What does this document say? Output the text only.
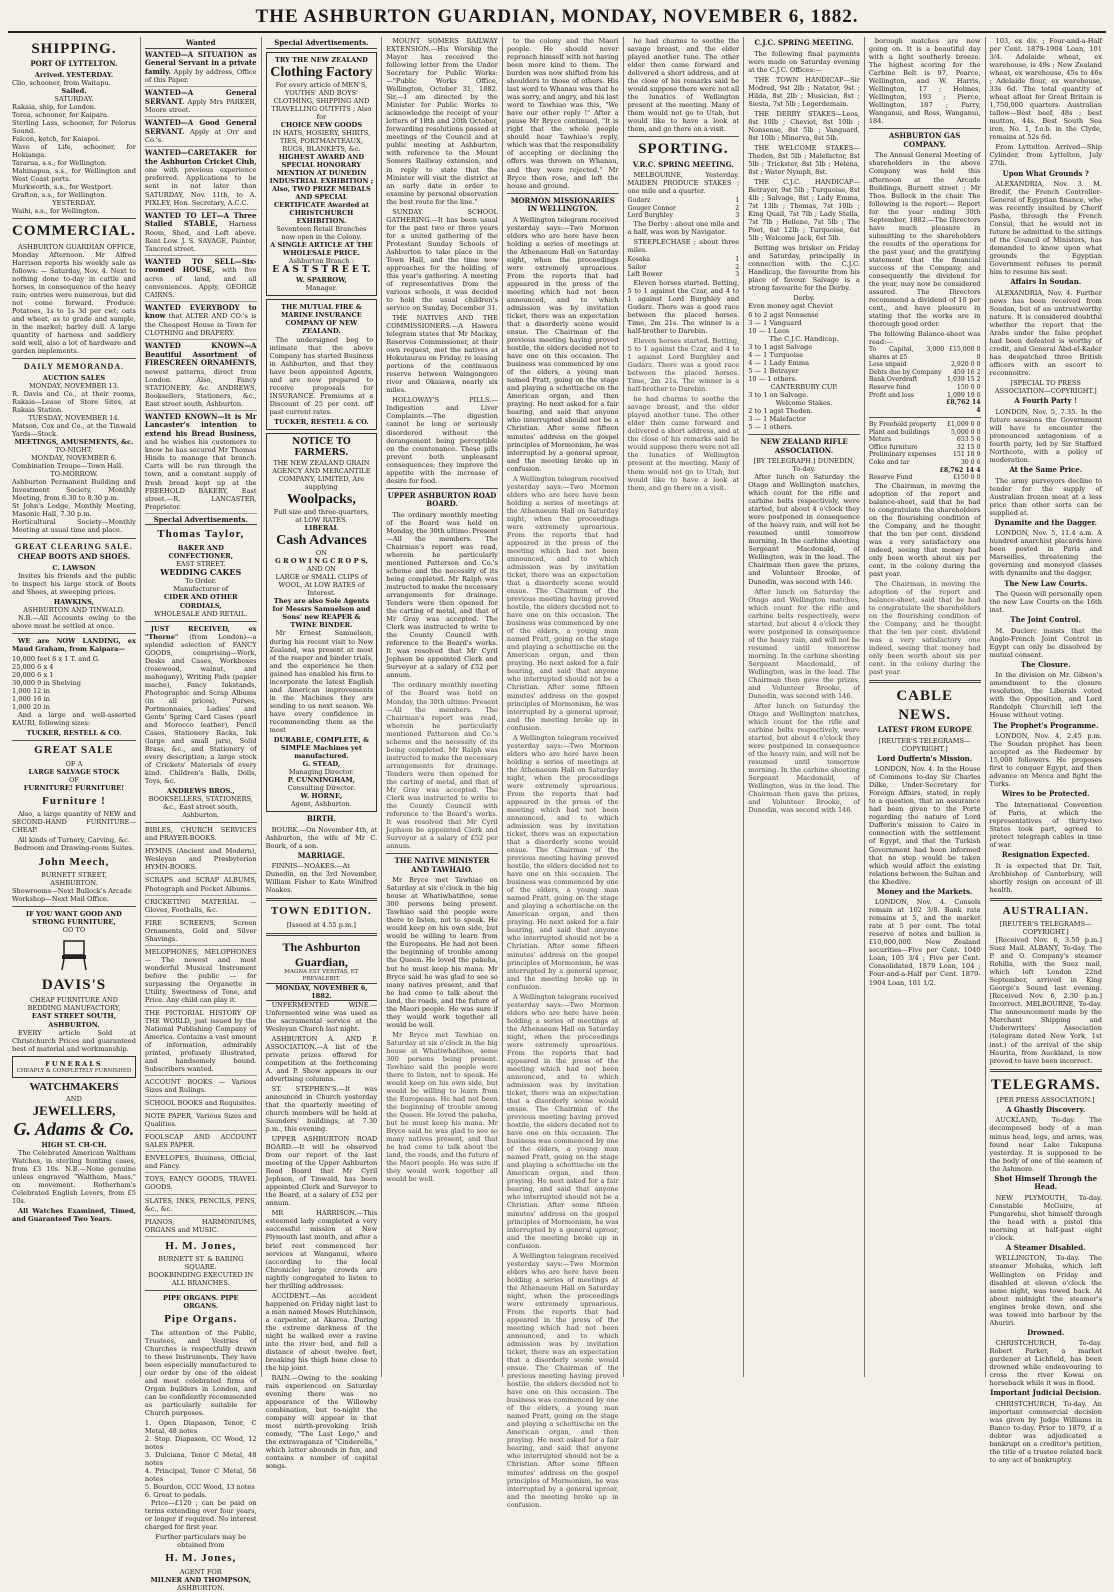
THE ASHBURTON GUARDIAN, MONDAY, NOVEMBER 6, 1882.
SHIPPING.
PORT OF LYTTELTON.
Arrived. YESTERDAY.
Clio, schooner, from Waitapu.
Sailed.
SATURDAY.
Rakaia, ship, for London.
Torea, schooner, for Kaipara.
Sterling Lass, schooner, for Pelorus Sound.
Falcon, ketch, for Kaiapoi.
Wave of Life, schooner, for Hokianga.
Tararua, s.s., for Wellington.
Mahinapua, s.s., for Wellington and West Coast ports.
Murkworth, s.s., for Westport.
Grafton, s.s., for Wellington.
YESTERDAY.
Waihi, s.s., for Wellington.
COMMERCIAL.

ASHBURTON GUARDIAN OFFICE, Monday Afternoon. Mr Alfred Harrison reports his weekly sale as follows: — Saturday, Nov. 4. Next to nothing done to-day in cattle and horses, in consequence of the heavy rain; entries were numerous, but did not come forward. Produce: Potatoes, 1s to 1s 3d per cwt; oats and wheat, as to grade and sample, in the market; barley dull. A large quantity of harness and saddlery sold well, also a lot of hardware and garden implements.

DAILY MEMORANDA.
AUCTION SALES
MONDAY, NOVEMBER 13.
R. Davis and Co., at their rooms, Rakaia—Lease of Store Sites, at Rakaia Station.
TUESDAY, NOVEMBER 14.
Matson, Cox and Co., at the Tinwald Yards—Stock.
MEETINGS, AMUSEMENTS, &c.
TO-NIGHT.
MONDAY, NOVEMBER 6.
Combination Troupe—Town Hall.
TO-MORROW.
Ashburton Permanent Building and Investment Society, Monthly Meeting, from 6.30 to 8.30 p.m.
St John's Lodge, Monthly Meeting, Masonic Hall, 7.30 p.m.
Horticultural Society—Monthly Meeting at usual time and place.
GREAT CLEARING SALE.
CHEAP BOOTS AND SHOES.
C. LAWSON

Invites his friends and the public to inspect his large stock of Boots and Shoes, at sweeping prices.

HAWKINS,
ASHBURTON AND TINWALD.

N.B.—All Accounts owing to the above must be settled at once.

WE are NOW LANDING, ex Maud Graham, from Kaipara—

10,000 feet 6 x 1 T. and G.
25,000 6 x 4
20,000 6 x 1
30,000 9 in Shelving
1,000 12 in
1,000 16 in
1,000 20 in

And a large and well-assorted KAURI, following sizes:

TUCKER, RESTELL & CO.
GREAT SALE
OF A
LARGE SALVAGE STOCK
OF
FURNITURE! FURNITURE!
Furniture !

Also, a large quantity of NEW and SECOND-HAND FURNITURE—CHEAP.

All kinds of Turnery, Carving, &c.
Bedroom and Drawing-room Suites.
John Meech,
BURNETT STREET,
ASHBURTON.
Showrooms—Next Bullock's Arcade
Workshop—Next Mail Office.
IF YOU WANT GOOD AND STRONG FURNITURE,
GO TO
DAVIS'S
CHEAP FURNITURE AND BEDDING MANUFACTORY,
EAST STREET SOUTH, ASHBURTON.

EVERY article Sold at Christchurch Prices and guaranteed best of material and workmanship.

FUNERALS
CHEAPLY & COMPLETELY FURNISHED
WATCHMAKERS
AND
JEWELLERS,
G. Adams & Co.
HIGH ST. CH-CH.

The Celebrated American Waltham Watches, in sterling hunting cases, from £3 10s. N.B.—None genuine unless engraved "Waltham, Mass." on movement. Rotherham's Celebrated English Levers, from £5 10s.

All Watches Examined, Timed, and Guaranteed Two Years.

Wanted
WANTED—A SITUATION as General Servant in a private family. Apply by address, Office of this Paper.
WANTED—A General SERVANT. Apply Mrs PARKER, Moore street.
WANTED—A Good General SERVANT. Apply at Orr and Co.'s.
WANTED—CARETAKER for the Ashburton Cricket Club, one with previous experience preferred. Applications to be sent in not later than SATURDAY, Nov. 11th, to A. PIXLEY, Hon. Secretary, A.C.C.
WANTED TO LET—A Three Stalled STABLE, Harness Room, Shed, and Loft above. Rent Low. J. S. SAVAGE, Painter, Tancred street.
WANTED TO SELL—Six-roomed HOUSE, with five acres of land, and all conveniences. Apply, GEORGE CAIRNS.
WANTED EVERYBODY to know that ALTER AND CO.'s is the Cheapest House in Town for CLOTHING and DRAPERY.
WANTED KNOWN—A Beautiful Assortment of FIRESCREEN ORNAMENTS, newest patterns, direct from London. Also, Fancy STATIONERY, &c. ANDREWS, Booksellers, Stationers, &c., East street south, Ashburton.
WANTED KNOWN—It is Mr Lancaster's intention to extend his Bread Business, and he wishes his customers to know he has secured Mr Thomas Hinds to manage that branch. Carts will be run through the town, and a constant supply of fresh bread kept up at the FREEHOLD BAKERY, East street.—R. LANCASTER, Proprietor.
Special Advertisements.
Thomas Taylor,
BAKER AND CONFECTIONER,
EAST STREET.
WEDDING CAKES
To Order.
Manufacturer of
CIDER AND OTHER CORDIALS,
WHOLESALE AND RETAIL.

JUST RECEIVED, ex "Thorne" (from London)—a splendid selection of FANCY GOODS, comprising—Work, Desks and Cases, Workboxes (rosewood, walnut, and mahogany), Writing Pads (papier mache), Fancy Inkstands, Photographic and Scrap Albums (in all prices), Purses, Portmonnaies, Ladies' and Gents' Spring Card Cases (pearl and Morocco leather), Pencil Cases, Stationery Racks, Ink (large and small jars), Solid Brass, &c., and Stationery of every description; a large stock of Crickets' Materials of every kind. Children's Balls, Dolls, Toys, &c.

ANDREWS BROS.,
BOOKSELLERS, STATIONERS, &c., East street south, Ashburton.
BIBLES, CHURCH SERVICES and PRAYER-BOOKS.
HYMNS (Ancient and Modern), Wesleyan and Presbyterian HYMN-BOOKS.
SCRAPS and SCRAP ALBUMS, Photograph and Pocket Albums.
CRICKETING MATERIAL — Gloves, Footballs, &c.
FIRE SCREENS, Screen Ornaments, Gold and Silver Shavings.
MELOPHONES, MELOPHONES — The newest and most wonderful Musical Instrument before the public — for surpassing the Organette in Utility, Sweetness of Tone, and Price. Any child can play it.
THE PICTORIAL HISTORY OF THE WORLD, just issued by the National Publishing Company of America. Contains a vast amount of information, admirably printed, profusely illustrated, and handsomely bound. Subscribers wanted.
ACCOUNT BOOKS — Various Sizes and Rulings.
SCHOOL BOOKS and Requisites.
NOTE PAPER, Various Sizes and Qualities.
FOOLSCAP AND ACCOUNT SALES PAPER.
ENVELOPES, Business, Official, and Fancy.
TOYS, FANCY GOODS, TRAVEL GOODS.
SLATES, INKS, PENCILS, PENS, &c., &c.
PIANOS, HARMONIUMS, ORGANS and MUSIC.
H. M. Jones,
BURNETT ST. & BARING SQUARE.
BOOKBINDING EXECUTED IN ALL BRANCHES.
PIPE ORGANS. PIPE ORGANS.
Pipe Organs.

The attention of the Public, Trustees, and Vestries of Churches is respectfully drawn to these Instruments. They have been especially manufactured to our order by one of the oldest and most celebrated firms of Organ builders in London, and can be confidently recommended as particularly suitable for Church purposes.

1. Open Diapason, Tenor, C Metal, 48 notes
2. Stop. Diapason, CC Wood, 12 notes
3. Dulciana, Tenor C Metal, 48 notes
4. Principal, Tenor C Metal, 56 notes
5. Bourdon, CCC Wood, 13 notes
6. Great to pedals.

Price—£120 ; can be paid on terms extending over four years, or longer if required. No interest charged for first year.

Further particulars may be obtained from
H. M. Jones,
AGENT FOR
MILNER AND THOMPSON,
ASHBURTON.
Special Advertisements.
TRY THE NEW ZEALAND
Clothing Factory
For every article of MEN'S, YOUTHS' AND BOYS' CLOTHING, SHIPPING AND TRAVELLING OUTFITS ; Also for
CHOICE NEW GOODS
IN HATS, HOSIERY, SHIRTS, TIES, PORTMANTEAUX, RUGS, BLANKETS, &c.
HIGHEST AWARD AND SPECIAL HONORARY MENTION AT DUNEDIN INDUSTRIAL EXHIBITION ; Also, TWO PRIZE MEDALS AND SPECIAL CERTIFICATE Awarded at CHRISTCHURCH EXHIBITION.
Seventeen Retail Branches now open in the Colony.
A SINGLE ARTICLE AT THE WHOLESALE PRICE.
Ashburton Branch :
E A S T S T R E E T.
W. SPARROW,
Manager.
THE MUTUAL FIRE & MARINE INSURANCE COMPANY OF NEW ZEALAND.

The undersigned beg to intimate that the above Company has started Business in Ashburton, and that they have been appointed Agents, and are now prepared to receive proposals for INSURANCE. Premiums at a Discount of 25 per cent. off past current rates.

TUCKER, RESTELL & CO.
NOTICE TO FARMERS.
THE NEW ZEALAND GRAIN AGENCY AND MERCANTILE COMPANY, LIMITED, Are supplying
Woolpacks,
Full size and three-quarters, at LOW RATES.
LIBERAL
Cash Advances
ON
G R O W I N G C R O P S,
AND ON
LARGE or SMALL CLIPS of WOOL, At LOW RATES of Interest.
They are also Sole Agents for Messrs Samuelson and Sons' new REAPER & TWINE BINDER.

Mr Ernest Samuelson, during his recent visit to New Zealand, was present at most of the reaper and binder trials, and the experience he then gained has enabled his firm to incorporate the latest English and American improvements in the Machines they are sending to us next season. We have every confidence in recommending them as the most

DURABLE, COMPLETE, & SIMPLE Machines yet manufactured.
G. STEAD,
Managing Director.
P. CUNNINGHAM,
Consulting Director.
W. HORNE,
Agent, Ashburton.
BIRTH.

BOURK.—On November 4th, at Ashburton, the wife of Mr C. Bourk, of a son.

MARRIAGE.

FINNIS—NOAKES.—At Dunedin, on the 3rd November, William Fisher to Kate Winifred Noakes.

TOWN EDITION.
[Issued at 4.55 p.m.]
The Ashburton Guardian,
MAGNA EST VERITAS, ET PREVALEBIT.
MONDAY, NOVEMBER 6, 1882.

UNFERMENTED WINE.—Unfermented wine was used as the sacramental service at the Wesleyan Church last night.

ASHBURTON A. AND P. ASSOCIATION.—A list of the private prizes offered for competition at the forthcoming A. and P. Show appears in our advertising columns.

ST. STEPHEN'S.—It was announced in Church yesterday that the quarterly meeting of church members will be held at Saunders' buildings, at 7.30 p.m., this evening.

UPPER ASHBURTON ROAD BOARD.—It will be observed from our report of the last meeting of the Upper Ashburton Road Board that Mr Cyril Jephson, of Tinwald, has been appointed Clerk and Surveyor to the Board, at a salary of £52 per annum.

MR HARRISON.—This esteemed lady completed a very successful mission at New Plymouth last month, and after a brief rest commenced her services at Wanganui, where (according to the local Chronicle) large crowds are nightly congregated to listen to her thrilling addresses.

ACCIDENT.—An accident happened on Friday night last to a man named Moses Hutchinson, a carpenter, at Akaroa. During the extreme darkness of the night he walked over a ravine into the river bed, and fell a distance of about twelve feet, breaking his thigh bone close to the hip joint.

RAIN.—Owing to the soaking rain experienced on Saturday evening there was no appearance of the Willowby combination, but to-night the company will appear in that most mirth-provoking Irish comedy, "The Last Lego," and the extravaganza of "Cinderella," which latter abounds in fun, and contains a number of capital songs.

MOUNT SOMERS RAILWAY EXTENSION.—His Worship the Mayor has received the following letter from the Under Secretary for Public Works:—"Public Works Office, Wellington, October 31, 1882. Sir,—I am directed by the Minister for Public Works to acknowledge the receipt of your letters of 18th and 20th October, forwarding resolutions passed at meetings of the Council and at public meeting at Ashburton, with reference to the Mount Somers Railway extension, and in reply to state that the Minister will visit the district at an early date in order to examine by personal observation the best route for the line."

SUNDAY SCHOOL GATHERING.—It has been usual for the past two or three years for a united gathering of the Protestant Sunday Schools of Ashburton to take place in the Town Hall, and the time now approaches for the holding of this year's gathering. A meeting of representatives from the various schools, it was decided to hold the usual children's service on Sunday, December 31.

THE NATIVES AND THE COMMISSIONERS.—A Hawera telegram states that Mr Mackay, Reserves Commissioner, at their own request, met the natives at Hokutaurau on Friday, re leasing portions of the continuous reserve between Waingongoro river and Okaiawa, nearly six miles.

HOLLOWAY'S PILLS.—Indigestion and Liver Complaints.—The digestion cannot be long or seriously disordered without the derangement being perceptible on the countenance. These pills prevent both unpleasant consequences; they improve the appetite with the increase of desire for food.

UPPER ASHBURTON ROAD BOARD.

The ordinary monthly meeting of the Board was held on Monday, the 30th ultimo. Present—All the members. The Chairman's report was read, wherein he particularly mentioned Patterson and Co.'s scheme and the necessity of its being completed. Mr Ralph was instructed to make the necessary arrangements for drainage. Tenders were then opened for the carting of metal, and that of Mr Gray was accepted. The Clerk was instructed to write to the County Council with reference to the Board's works. It was resolved that Mr Cyril Jephson be appointed Clerk and Surveyor at a salary of £52 per annum.

The ordinary monthly meeting of the Board was held on Monday, the 30th ultimo. Present—All the members. The Chairman's report was read, wherein he particularly mentioned Patterson and Co.'s scheme and the necessity of its being completed. Mr Ralph was instructed to make the necessary arrangements for drainage. Tenders were then opened for the carting of metal, and that of Mr Gray was accepted. The Clerk was instructed to write to the County Council with reference to the Board's works. It was resolved that Mr Cyril Jephson be appointed Clerk and Surveyor at a salary of £52 per annum.

THE NATIVE MINISTER AND TAWHAIO.

Mr Bryce met Tawhiao on Saturday at six o'clock in the big house at Whatiwhatihoe, some 300 persons being present. Tawhiao said the people were there to listen, not to speak. He would keep on his own side, but would be willing to learn from the Europeans. He had not been the beginning of trouble among the Queen. He loved the pakeha, but he must keep his mana. Mr Bryce said he was glad to see so many natives present, and that he had come to talk about the land, the roads, and the future of the Maori people. He was sure if they would work together all would be well.

Mr Bryce met Tawhiao on Saturday at six o'clock in the big house at Whatiwhatihoe, some 300 persons being present. Tawhiao said the people were there to listen, not to speak. He would keep on his own side, but would be willing to learn from the Europeans. He had not been the beginning of trouble among the Queen. He loved the pakeha, but he must keep his mana. Mr Bryce said he was glad to see so many natives present, and that he had come to talk about the land, the roads, and the future of the Maori people. He was sure if they would work together all would be well.

to the colony and the Maori people. He should never reproach himself with not having been more kind to them. The burden was now shifted from his shoulders to those of others. His last word to Whanau was that he was sorry, and angry, and his last word to Tawhiao was this, "We have our other reply !" After a pause Mr Bryce continued, "It is right that the whole people should hear Tawhiao's reply, which was that the responsibility of accepting or declining the offers was thrown on Whanau, and they were rejected." Mr Bryce then rose, and left the house and ground.

MORMON MISSIONARIES IN WELLINGTON.

A Wellington telegram received yesterday says:—Two Mormon elders who are here have been holding a series of meetings at the Athenaeum Hall on Saturday night, when the proceedings were extremely uproarious. From the reports that had appeared in the press of the meeting which had not been announced, and to which admission was by invitation ticket, there was an expectation that a disorderly scene would ensue. The Chairman of the previous meeting having proved hostile, the elders decided not to have one on this occasion. The business was commenced by one of the elders, a young man named Pratt, going on the stage and playing a schottische on the American organ, and then praying. He next asked for a fair hearing, and said that anyone who interrupted should not be a Christian. After some fifteen minutes' address on the gospel principles of Mormonism, he was interrupted by a general uproar, and the meeting broke up in confusion.

A Wellington telegram received yesterday says:—Two Mormon elders who are here have been holding a series of meetings at the Athenaeum Hall on Saturday night, when the proceedings were extremely uproarious. From the reports that had appeared in the press of the meeting which had not been announced, and to which admission was by invitation ticket, there was an expectation that a disorderly scene would ensue. The Chairman of the previous meeting having proved hostile, the elders decided not to have one on this occasion. The business was commenced by one of the elders, a young man named Pratt, going on the stage and playing a schottische on the American organ, and then praying. He next asked for a fair hearing, and said that anyone who interrupted should not be a Christian. After some fifteen minutes' address on the gospel principles of Mormonism, he was interrupted by a general uproar, and the meeting broke up in confusion.

A Wellington telegram received yesterday says:—Two Mormon elders who are here have been holding a series of meetings at the Athenaeum Hall on Saturday night, when the proceedings were extremely uproarious. From the reports that had appeared in the press of the meeting which had not been announced, and to which admission was by invitation ticket, there was an expectation that a disorderly scene would ensue. The Chairman of the previous meeting having proved hostile, the elders decided not to have one on this occasion. The business was commenced by one of the elders, a young man named Pratt, going on the stage and playing a schottische on the American organ, and then praying. He next asked for a fair hearing, and said that anyone who interrupted should not be a Christian. After some fifteen minutes' address on the gospel principles of Mormonism, he was interrupted by a general uproar, and the meeting broke up in confusion.

A Wellington telegram received yesterday says:—Two Mormon elders who are here have been holding a series of meetings at the Athenaeum Hall on Saturday night, when the proceedings were extremely uproarious. From the reports that had appeared in the press of the meeting which had not been announced, and to which admission was by invitation ticket, there was an expectation that a disorderly scene would ensue. The Chairman of the previous meeting having proved hostile, the elders decided not to have one on this occasion. The business was commenced by one of the elders, a young man named Pratt, going on the stage and playing a schottische on the American organ, and then praying. He next asked for a fair hearing, and said that anyone who interrupted should not be a Christian. After some fifteen minutes' address on the gospel principles of Mormonism, he was interrupted by a general uproar, and the meeting broke up in confusion.

A Wellington telegram received yesterday says:—Two Mormon elders who are here have been holding a series of meetings at the Athenaeum Hall on Saturday night, when the proceedings were extremely uproarious. From the reports that had appeared in the press of the meeting which had not been announced, and to which admission was by invitation ticket, there was an expectation that a disorderly scene would ensue. The Chairman of the previous meeting having proved hostile, the elders decided not to have one on this occasion. The business was commenced by one of the elders, a young man named Pratt, going on the stage and playing a schottische on the American organ, and then praying. He next asked for a fair hearing, and said that anyone who interrupted should not be a Christian. After some fifteen minutes' address on the gospel principles of Mormonism, he was interrupted by a general uproar, and the meeting broke up in confusion.

he had charms to soothe the savage breast, and the elder played another tune. The other elder then came forward and delivered a short address, and at the close of his remarks said he would suppose there were not all the lunatics of Wellington present at the meeting. Many of them would not go to Utah, but would like to have a look at them, and go there on a visit.

SPORTING.
V.R.C. SPRING MEETING.

MELBOURNE, Yesterday. MAIDEN PRODUCE STAKES ; one mile and a quarter.

Gudarz	1
Gouger Connor	2
Lord Burghley	3

The Derby : about one mile and a half, was won by Navigator.

STEEPLECHASE ; about three miles.

Kosaka	1
Sailor	2
Left Bower	3

Eleven horses started. Betting, 5 to 1 against the Czar, and 4 to 1 against Lord Burghley and Gudarz. There was a good race between the placed horses. Time, 2m 21s. The winner is a half-brother to Darebin.

Eleven horses started. Betting, 5 to 1 against the Czar, and 4 to 1 against Lord Burghley and Gudarz. There was a good race between the placed horses. Time, 2m 21s. The winner is a half-brother to Darebin.

he had charms to soothe the savage breast, and the elder played another tune. The other elder then came forward and delivered a short address, and at the close of his remarks said he would suppose there were not all the lunatics of Wellington present at the meeting. Many of them would not go to Utah, but would like to have a look at them, and go there on a visit.

C.J.C. SPRING MEETING.

The following final payments were made on Saturday evening at the C.J.C. Offices:—

THE TOWN HANDICAP—Sir Modred, 9st 2lb ; Natator, 9st ; Hilda, 8st 2lb ; Musician, 8st ; Siesta, 7st 5lb ; Legerdemain.

THE DERBY STAKES—Leos, 8st 10lb ; Cheviot, 8st 10lb ; Nonsense, 8st 5lb ; Vanguard, 8st 10lb ; Minerva, 8st 5lb.

THE WELCOME STAKES—Theden, 8st 5lb ; Malefactor, 8st 5lb ; Trickster, 8st 5lb ; Helena, 8st ; Water Nymph, 8st.

THE C.J.C. HANDICAP—Betrayer, 9st 5lb ; Turquoise, 8st 4lb ; Salvage, 8st ; Lady Emma, 7st 13lb ; Thomas, 7st 10lb ; King Quail, 7st 7lb ; Lady Stella, 7st 7lb ; Hellene, 7st 5lb ; The Poet, 6st 12lb ; Turquoise, 6st 5lb ; Welcome Jack, 6st 5lb.

Betting was brisker on Friday and Saturday, principally in connection with the C.J.C. Handicap, the favourite from his place of favour. Salvage is a strong favourite for the Derby.

Derby.
Even money agst Cheviot
6 to 2 agst Nonsense
3 — 1 Vanguard
10 — 1 Leos
The C.J.C. Handicap.
3 to 1 agst Salvage
4 — 1 Turquoise
4 — 1 Lady Emma
5 — 1 Betrayer
10 — 1 others.
CANTERBURY CUP.
3 to 1 on Salvage.
Welcome Stakes.
2 to 1 agst Theden.
3 — 1 Malefactor
5 — 1 others.
NEW ZEALAND RIFLE ASSOCIATION.
[BY TELEGRAPH.] DUNEDIN, To-day.

After lunch on Saturday the Otago and Wellington matches, which count for the rifle and carbine belts respectively, were started, but about 4 o'clock they were postponed in consequence of the heavy rain, and will not be resumed until tomorrow morning. In the carbine shooting Sergeant Macdonald, of Wellington, was in the lead. The Chairman then gave the prizes, and Volunteer Brooke, of Dunedin, was second with 146.

After lunch on Saturday the Otago and Wellington matches, which count for the rifle and carbine belts respectively, were started, but about 4 o'clock they were postponed in consequence of the heavy rain, and will not be resumed until tomorrow morning. In the carbine shooting Sergeant Macdonald, of Wellington, was in the lead. The Chairman then gave the prizes, and Volunteer Brooke, of Dunedin, was second with 146.

After lunch on Saturday the Otago and Wellington matches, which count for the rifle and carbine belts respectively, were started, but about 4 o'clock they were postponed in consequence of the heavy rain, and will not be resumed until tomorrow morning. In the carbine shooting Sergeant Macdonald, of Wellington, was in the lead. The Chairman then gave the prizes, and Volunteer Brooke, of Dunedin, was second with 146.

borough matches are now going on. It is a beautiful day with a light southerly breeze. The highest scoring for the Carbine Belt is 97, Pearce, Wellington, and W. Harris, Wellington, 17 ; Holmes, Wellington, 193 ; Pierce, Wellington, 187 ; Parry, Wanganui, and Ross, Wanganui, 184.

ASHBURTON GAS COMPANY.

The Annual General Meeting of shareholders in the above Company was held this afternoon at the Arcade Buildings, Burnett street ; Mr Thos. Bullock in the chair. The following is the report:— Report for the year ending 30th September, 1882.—The Directors have much pleasure in submitting to the shareholders the results of the operations for the past year, and the gratifying statement that the financial success of the Company, and consequently the dividend for the year, may now be considered assured. The Directors recommend a dividend of 10 per cent., and have pleasure in stating that the works are in thorough good order.

The following Balance-sheet was read:—
To Capital, 3,000 shares at £5	£15,000 0 0
Less unpaid	2,920 0 0
Debts due by Company	459 16 2
Bank Overdraft	1,039 15 2
Reserve fund	150 0 0
Profit and loss	1,099 19 0
	£8,762 14 4
By Freehold property	£1,009 0 0
Plant and buildings	5,000 0 0
Meters	653 5 6
Office furniture	32 15 0
Preliminary expenses	151 18 9
Coke and tar	30 0 6
	£8,762 14 4
Reserve Fund	£150 0 0

The Chairman, in moving the adoption of the report and balance-sheet, said that he had to congratulate the shareholders on the flourishing condition of the Company, and he thought that the ten per cent. dividend was a very satisfactory one indeed, seeing that money had only been worth about six per cent. in the colony during the past year.

The Chairman, in moving the adoption of the report and balance-sheet, said that he had to congratulate the shareholders on the flourishing condition of the Company, and he thought that the ten per cent. dividend was a very satisfactory one indeed, seeing that money had only been worth about six per cent. in the colony during the past year.

CABLE NEWS.
LATEST FROM EUROPE
[REUTER'S TELEGRAMS—COPYRIGHT.]
Lord Dufferin's Mission.

LONDON, Nov. 4. In the House of Commons to-day Sir Charles Dilke, Under-Secretary for Foreign Affairs, stated, in reply to a question, that an assurance had been given to the Porte regarding the nature of Lord Dufferin's mission to Cairo in connection with the settlement of Egypt, and that the Turkish Government had been informed that no step would be taken which would affect the existing relations between the Sultan and the Khedive.

Money and the Markets.

LONDON, Nov. 4. Consols remain at 102 3/8. Bank rate remains at 5, and the market rate at 5 per cent. The total reserve of notes and bullion is £10,000,000. New Zealand securities—Five per Cent. 1040 Loan, 105 3/4 ; Five per Cent. Consolidated, 1879 Loan, 104 ; Four-and-a-Half per Cent. 1879-1904 Loan, 101 1/2.

103, ex div. ; Four-and-a-Half per Cent. 1879-1904 Loan, 101 3/4. Adelaide wheat, ex warehouse, is 49s ; New Zealand wheat, ex warehouse, 45s to 46s ; Adelaide flour, ex warehouse, 33s 6d. The total quantity of wheat afloat for Great Britain is 1,750,000 quarters. Australian tallow—Best beef, 48s ; best mutton, 44s. Best South Sea iron, No. 1, f.o.b. in the Clyde, remains at 52s 6d.

From Lyttelton. Arrived—Ship Cylinder, from Lyttelton, July 27th.

Upon What Grounds ?

ALEXANDRIA, Nov. 3. M. Bredif, the French Controller-General of Egyptian finance, who was recently insulted by Cherif Pasha, through the French Consul, that he would not in future be admitted to the sittings of the Council of Ministers, has demanded to know upon what grounds the Egyptian Government refuses to permit him to resume his seat.

Affairs In Soudan.

ALEXANDRIA, Nov. 4. Further news has been received from Soudan, but of an untrustworthy nature. It is considered doubtful whether the report that the Arabs under the false prophet had been defeated is worthy of credit, and General Abd-el-Kader has despatched three British officers with an escort to reconnoitre.

[SPECIAL TO PRESS ASSOCIATION—COPYRIGHT.]
A Fourth Party !

LONDON, Nov. 5, 7.35. In the future sessions the Government will have to encounter the pronounced antagonism of a fourth party, led by Sir Stafford Northcote, with a policy of moderation.

At the Same Price.

The army purveyors decline to tender for the supply of Australian frozen meat at a less price than other sorts can be supplied at.

Dynamite and the Dagger.

LONDON, Nov. 5, 11.4 a.m. A hundred anarchist placards have been posted in Paris and Marseilles, threatening the governing and moneyed classes with dynamite and the dagger.

The New Law Courts.

The Queen will personally open the new Law Courts on the 16th inst.

The Joint Control.

M. Duclerc insists that the Anglo-French Joint Control in Egypt can only be dissolved by mutual consent.

The Closure.

In the division on Mr. Gibson's amendment to the closure resolution, the Liberals voted with the Opposition, and Lord Randolph Churchill left the House without voting.

The Prophet's Programme.

LONDON, Nov. 4, 2.45 p.m. The Soudan prophet has been accepted as the Redeemer by 15,000 followers. He proposes first to conquer Egypt, and then advance on Mecca and fight the Turks.

Wires to be Protected.

The International Convention of Paris, at which the representatives of thirty-two States took part, agreed to protect telegraph cables in time of war.

Resignation Expected.

It is expected that Dr. Tait, Archbishop of Canterbury, will shortly resign on account of ill health.

AUSTRALIAN.
[REUTER'S TELEGRAMS—COPYRIGHT.]

[Received Nov. 6, 3.50 p.m.] Suez Mail. ALBANY, To-day. The P. and O. Company's steamer Rohilla, with the Suez mail, which left London 22nd September, arrived in King George's Sound last evening. [Received Nov. 6, 2.30 p.m.] Incorrect. MELBOURNE, To-day. The announcement made by the Merchant Shipping and Underwriters' Association (telegram dated New York, 1st inst.) of the arrival of the ship Haurita, from Auckland, is now proved to have been incorrect.

TELEGRAMS.
[PER PRESS ASSOCIATION.]
A Ghastly Discovery.

AUCKLAND, To-day. The decomposed body of a man minus head, legs, and arms, was found near Lake Takapuna yesterday. It is supposed to be the body of one of the seamen of the Ashmore.

Shot Himself Through the Head.

NEW PLYMOUTH, To-day. Constable McGuire, at Pungarehu, shot himself through the head with a pistol this morning at half-past eight o'clock.

A Steamer Disabled.

WELLINGTON, To-day. The steamer Mohaka, which left Wellington on Friday and disabled at eleven o'clock the same night, was towed back. At about midnight the steamer's engines broke down, and she was towed into harbour by the Ahuriri.

Drowned.

CHRISTCHURCH, To-day. Robert Parker, a market gardener at Lichfield, has been drowned while endeavouring to cross the river Kowai on horseback while it was in flood.

Important Judicial Decision.

CHRISTCHURCH, To-day. An important commercial decision was given by Judge Williams in Banco to-day. Prior to 1879, if a debtor was adjudicated a bankrupt on a creditor's petition, the title of a trustee related back to any act of bankruptcy.
